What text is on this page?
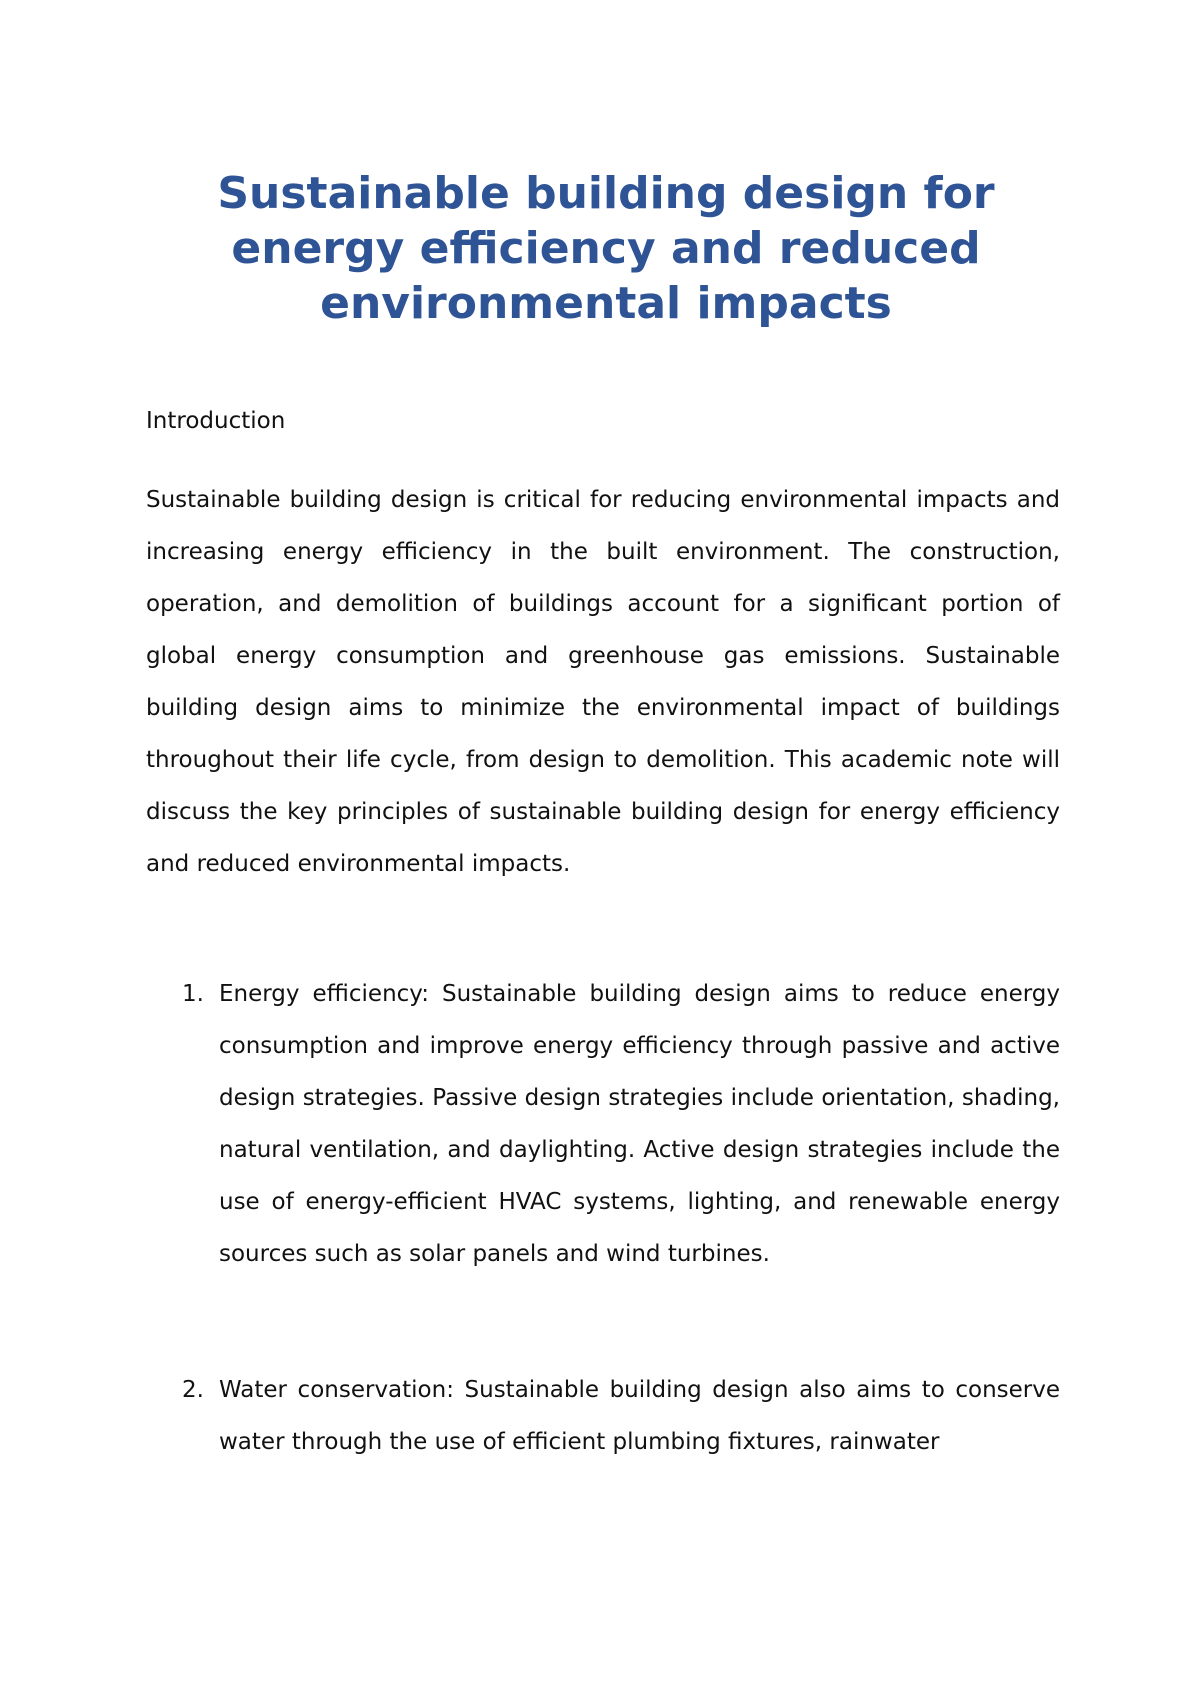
Sustainable building design for energy efficiency and reduced environmental impacts

Introduction

Sustainable building design is critical for reducing environmental impacts and increasing energy efficiency in the built environment. The construction, operation, and demolition of buildings account for a significant portion of global energy consumption and greenhouse gas emissions. Sustainable building design aims to minimize the environmental impact of buildings throughout their life cycle, from design to demolition. This academic note will discuss the key principles of sustainable building design for energy efficiency and reduced environmental impacts.

1. Energy efficiency: Sustainable building design aims to reduce energy consumption and improve energy efficiency through passive and active design strategies. Passive design strategies include orientation, shading, natural ventilation, and daylighting. Active design strategies include the use of energy-efficient HVAC systems, lighting, and renewable energy sources such as solar panels and wind turbines.
2. Water conservation: Sustainable building design also aims to conserve water through the use of efficient plumbing fixtures, rainwater
